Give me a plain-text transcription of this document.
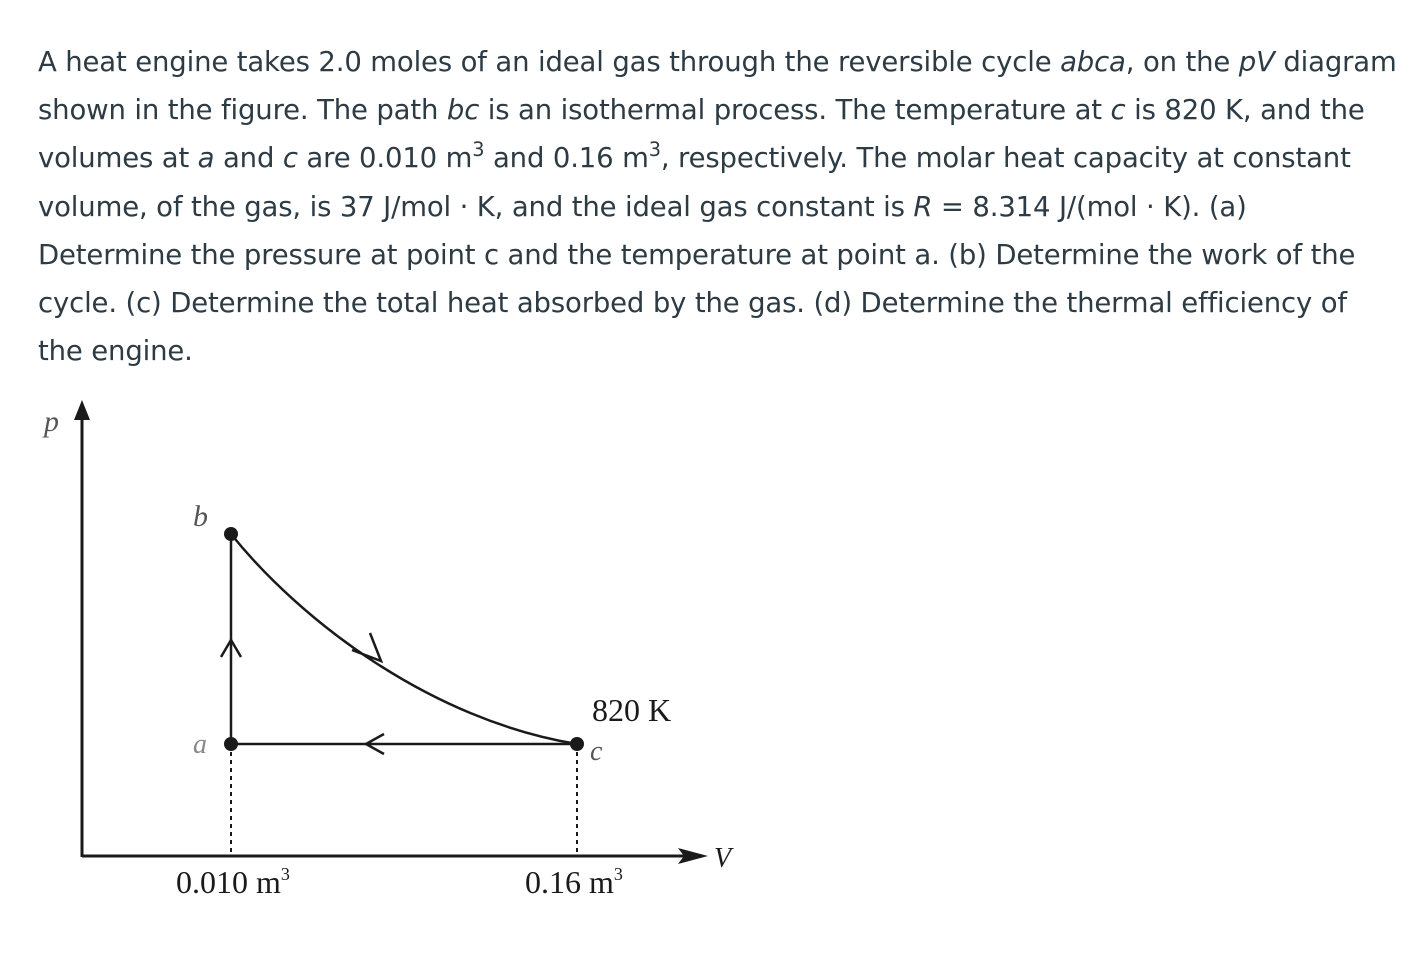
A heat engine takes 2.0 moles of an ideal gas through the reversible cycle abca, on the pV diagram shown in the figure. The path bc is an isothermal process. The temperature at c is 820 K, and the volumes at a and c are 0.010 $m^3$ and 0.16 $m^3$, respectively. The molar heat capacity at constant volume, of the gas, is 37 J/mol · K, and the ideal gas constant is R = 8.314 J/(mol · K). (a) Determine the pressure at point c and the temperature at point a. (b) Determine the work of the cycle. (c) Determine the total heat absorbed by the gas. (d) Determine the thermal efficiency of the engine.
p
V
b
a	c
820 K
0.010 $m^3$	0.16 $m^3$
